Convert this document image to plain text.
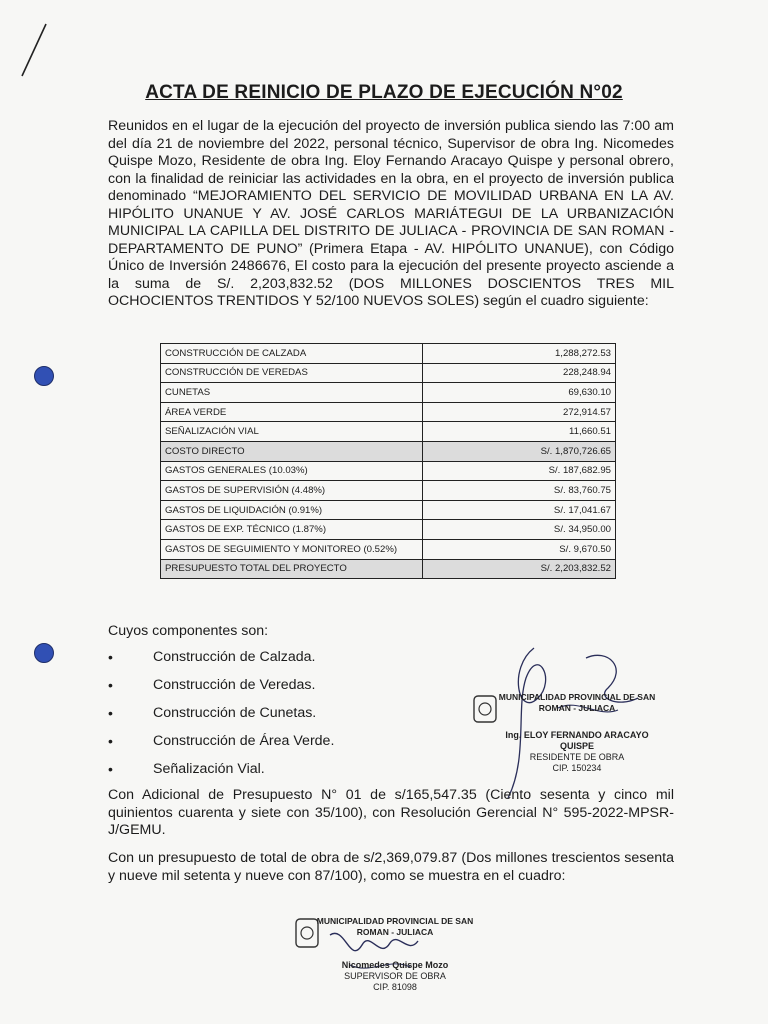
ACTA DE REINICIO DE PLAZO DE EJECUCIÓN N°02

Reunidos en el lugar de la ejecución del proyecto de inversión publica siendo las 7:00 am del día 21 de noviembre del 2022, personal técnico, Supervisor de obra Ing. Nicomedes Quispe Mozo, Residente de obra Ing. Eloy Fernando Aracayo Quispe y personal obrero, con la finalidad de reiniciar las actividades en la obra, en el proyecto de inversión publica denominado “MEJORAMIENTO DEL SERVICIO DE MOVILIDAD URBANA EN LA AV. HIPÓLITO UNANUE Y AV. JOSÉ CARLOS MARIÁTEGUI DE LA URBANIZACIÓN MUNICIPAL LA CAPILLA DEL DISTRITO DE JULIACA - PROVINCIA DE SAN ROMAN - DEPARTAMENTO DE PUNO” (Primera Etapa - AV. HIPÓLITO UNANUE), con Código Único de Inversión 2486676, El costo para la ejecución del presente proyecto asciende a la suma de S/. 2,203,832.52 (DOS MILLONES DOSCIENTOS TRES MIL OCHOCIENTOS TRENTIDOS Y 52/100 NUEVOS SOLES) según el cuadro siguiente:

CONSTRUCCIÓN DE CALZADA	1,288,272.53
CONSTRUCCIÓN DE VEREDAS	228,248.94
CUNETAS	69,630.10
ÁREA VERDE	272,914.57
SEÑALIZACIÓN VIAL	11,660.51
COSTO DIRECTO	S/. 1,870,726.65
GASTOS GENERALES (10.03%)	S/. 187,682.95
GASTOS DE SUPERVISIÓN (4.48%)	S/. 83,760.75
GASTOS DE LIQUIDACIÓN (0.91%)	S/. 17,041.67
GASTOS DE EXP. TÉCNICO (1.87%)	S/. 34,950.00
GASTOS DE SEGUIMIENTO Y MONITOREO (0.52%)	S/. 9,670.50
PRESUPUESTO TOTAL DEL PROYECTO	S/. 2,203,832.52
Cuyos componentes son:
•	Construcción de Calzada.
•	Construcción de Veredas.
•	Construcción de Cunetas.
•	Construcción de Área Verde.
•	Señalización Vial.
MUNICIPALIDAD PROVINCIAL DE SAN ROMAN - JULIACA
Ing. ELOY FERNANDO ARACAYO QUISPE
RESIDENTE DE OBRA
CIP. 150234

Con Adicional de Presupuesto N° 01 de s/165,547.35 (Ciento sesenta y cinco mil quinientos cuarenta y siete con 35/100), con Resolución Gerencial N° 595-2022-MPSR-J/GEMU.

Con un presupuesto de total de obra de s/2,369,079.87 (Dos millones trescientos sesenta y nueve mil setenta y nueve con 87/100), como se muestra en el cuadro:

MUNICIPALIDAD PROVINCIAL DE SAN ROMAN - JULIACA
Nicomedes Quispe Mozo
SUPERVISOR DE OBRA
CIP. 81098
